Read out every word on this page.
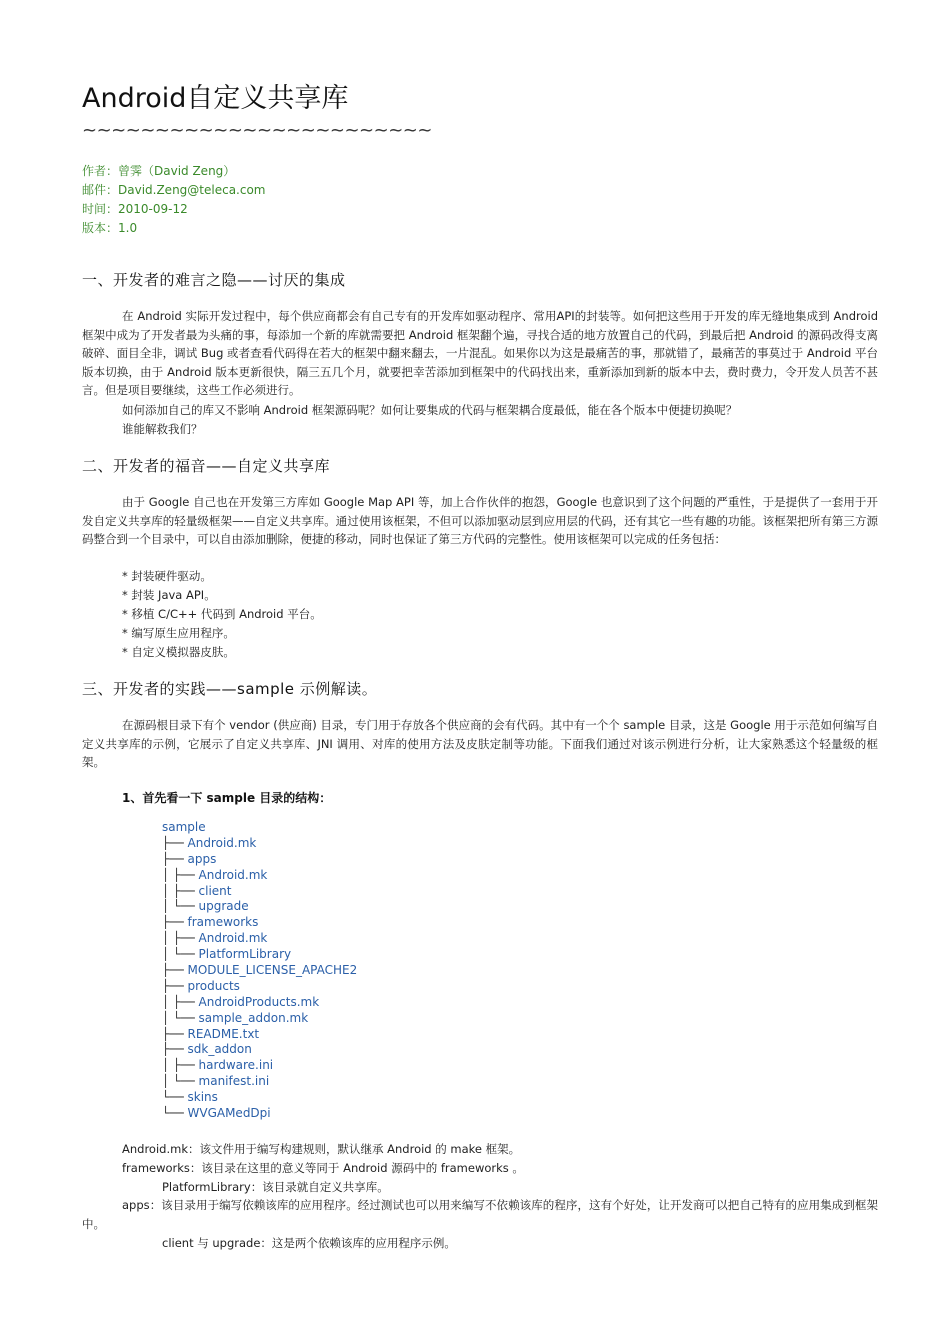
Android自定义共享库
~~~~~~~~~~~~~~~~~~~~~~~~
作者：曾霁（David Zeng）
邮件：David.Zeng@teleca.com
时间：2010-09-12
版本：1.0
一、开发者的难言之隐——讨厌的集成
在 Android 实际开发过程中，每个供应商都会有自己专有的开发库如驱动程序、常用API的封装等。如何把这些用于开发的库无缝地集成到 Android 框架中成为了开发者最为头痛的事，每添加一个新的库就需要把 Android 框架翻个遍，寻找合适的地方放置自己的代码，到最后把 Android 的源码改得支离破碎、面目全非，调试 Bug 或者查看代码得在若大的框架中翻来翻去，一片混乱。如果你以为这是最痛苦的事，那就错了，最痛苦的事莫过于 Android 平台版本切换，由于 Android 版本更新很快，隔三五几个月，就要把幸苦添加到框架中的代码找出来，重新添加到新的版本中去，费时费力，令开发人员苦不甚言。但是项目要继续，这些工作必须进行。
如何添加自己的库又不影响 Android 框架源码呢？如何让要集成的代码与框架耦合度最低，能在各个版本中便捷切换呢？
谁能解救我们？
二、开发者的福音——自定义共享库
由于 Google 自己也在开发第三方库如 Google Map API 等，加上合作伙伴的抱怨，Google 也意识到了这个问题的严重性，于是提供了一套用于开发自定义共享库的轻量级框架——自定义共享库。通过使用该框架，不但可以添加驱动层到应用层的代码，还有其它一些有趣的功能。该框架把所有第三方源码整合到一个目录中，可以自由添加删除，便捷的移动，同时也保证了第三方代码的完整性。使用该框架可以完成的任务包括：
* 封装硬件驱动。
* 封装 Java API。
* 移植 C/C++ 代码到 Android 平台。
* 编写原生应用程序。
* 自定义模拟器皮肤。
三、开发者的实践——sample 示例解读。
在源码根目录下有个 vendor (供应商) 目录，专门用于存放各个供应商的会有代码。其中有一个个 sample 目录，这是 Google 用于示范如何编写自定义共享库的示例，它展示了自定义共享库、JNI 调用、对库的使用方法及皮肤定制等功能。下面我们通过对该示例进行分析，让大家熟悉这个轻量级的框架。
1、首先看一下 sample 目录的结构：
sample
├── Android.mk
├── apps
│ ├── Android.mk
│ ├── client
│ └── upgrade
├── frameworks
│ ├── Android.mk
│ └── PlatformLibrary
├── MODULE_LICENSE_APACHE2
├── products
│ ├── AndroidProducts.mk
│ └── sample_addon.mk
├── README.txt
├── sdk_addon
│ ├── hardware.ini
│ └── manifest.ini
└── skins
└── WVGAMedDpi
Android.mk：该文件用于编写构建规则，默认继承 Android 的 make 框架。
frameworks：该目录在这里的意义等同于 Android 源码中的 frameworks 。
PlatformLibrary：该目录就自定义共享库。
apps：该目录用于编写依赖该库的应用程序。经过测试也可以用来编写不依赖该库的程序，这有个好处，让开发商可以把自己特有的应用集成到框架中。
client 与 upgrade：这是两个依赖该库的应用程序示例。
